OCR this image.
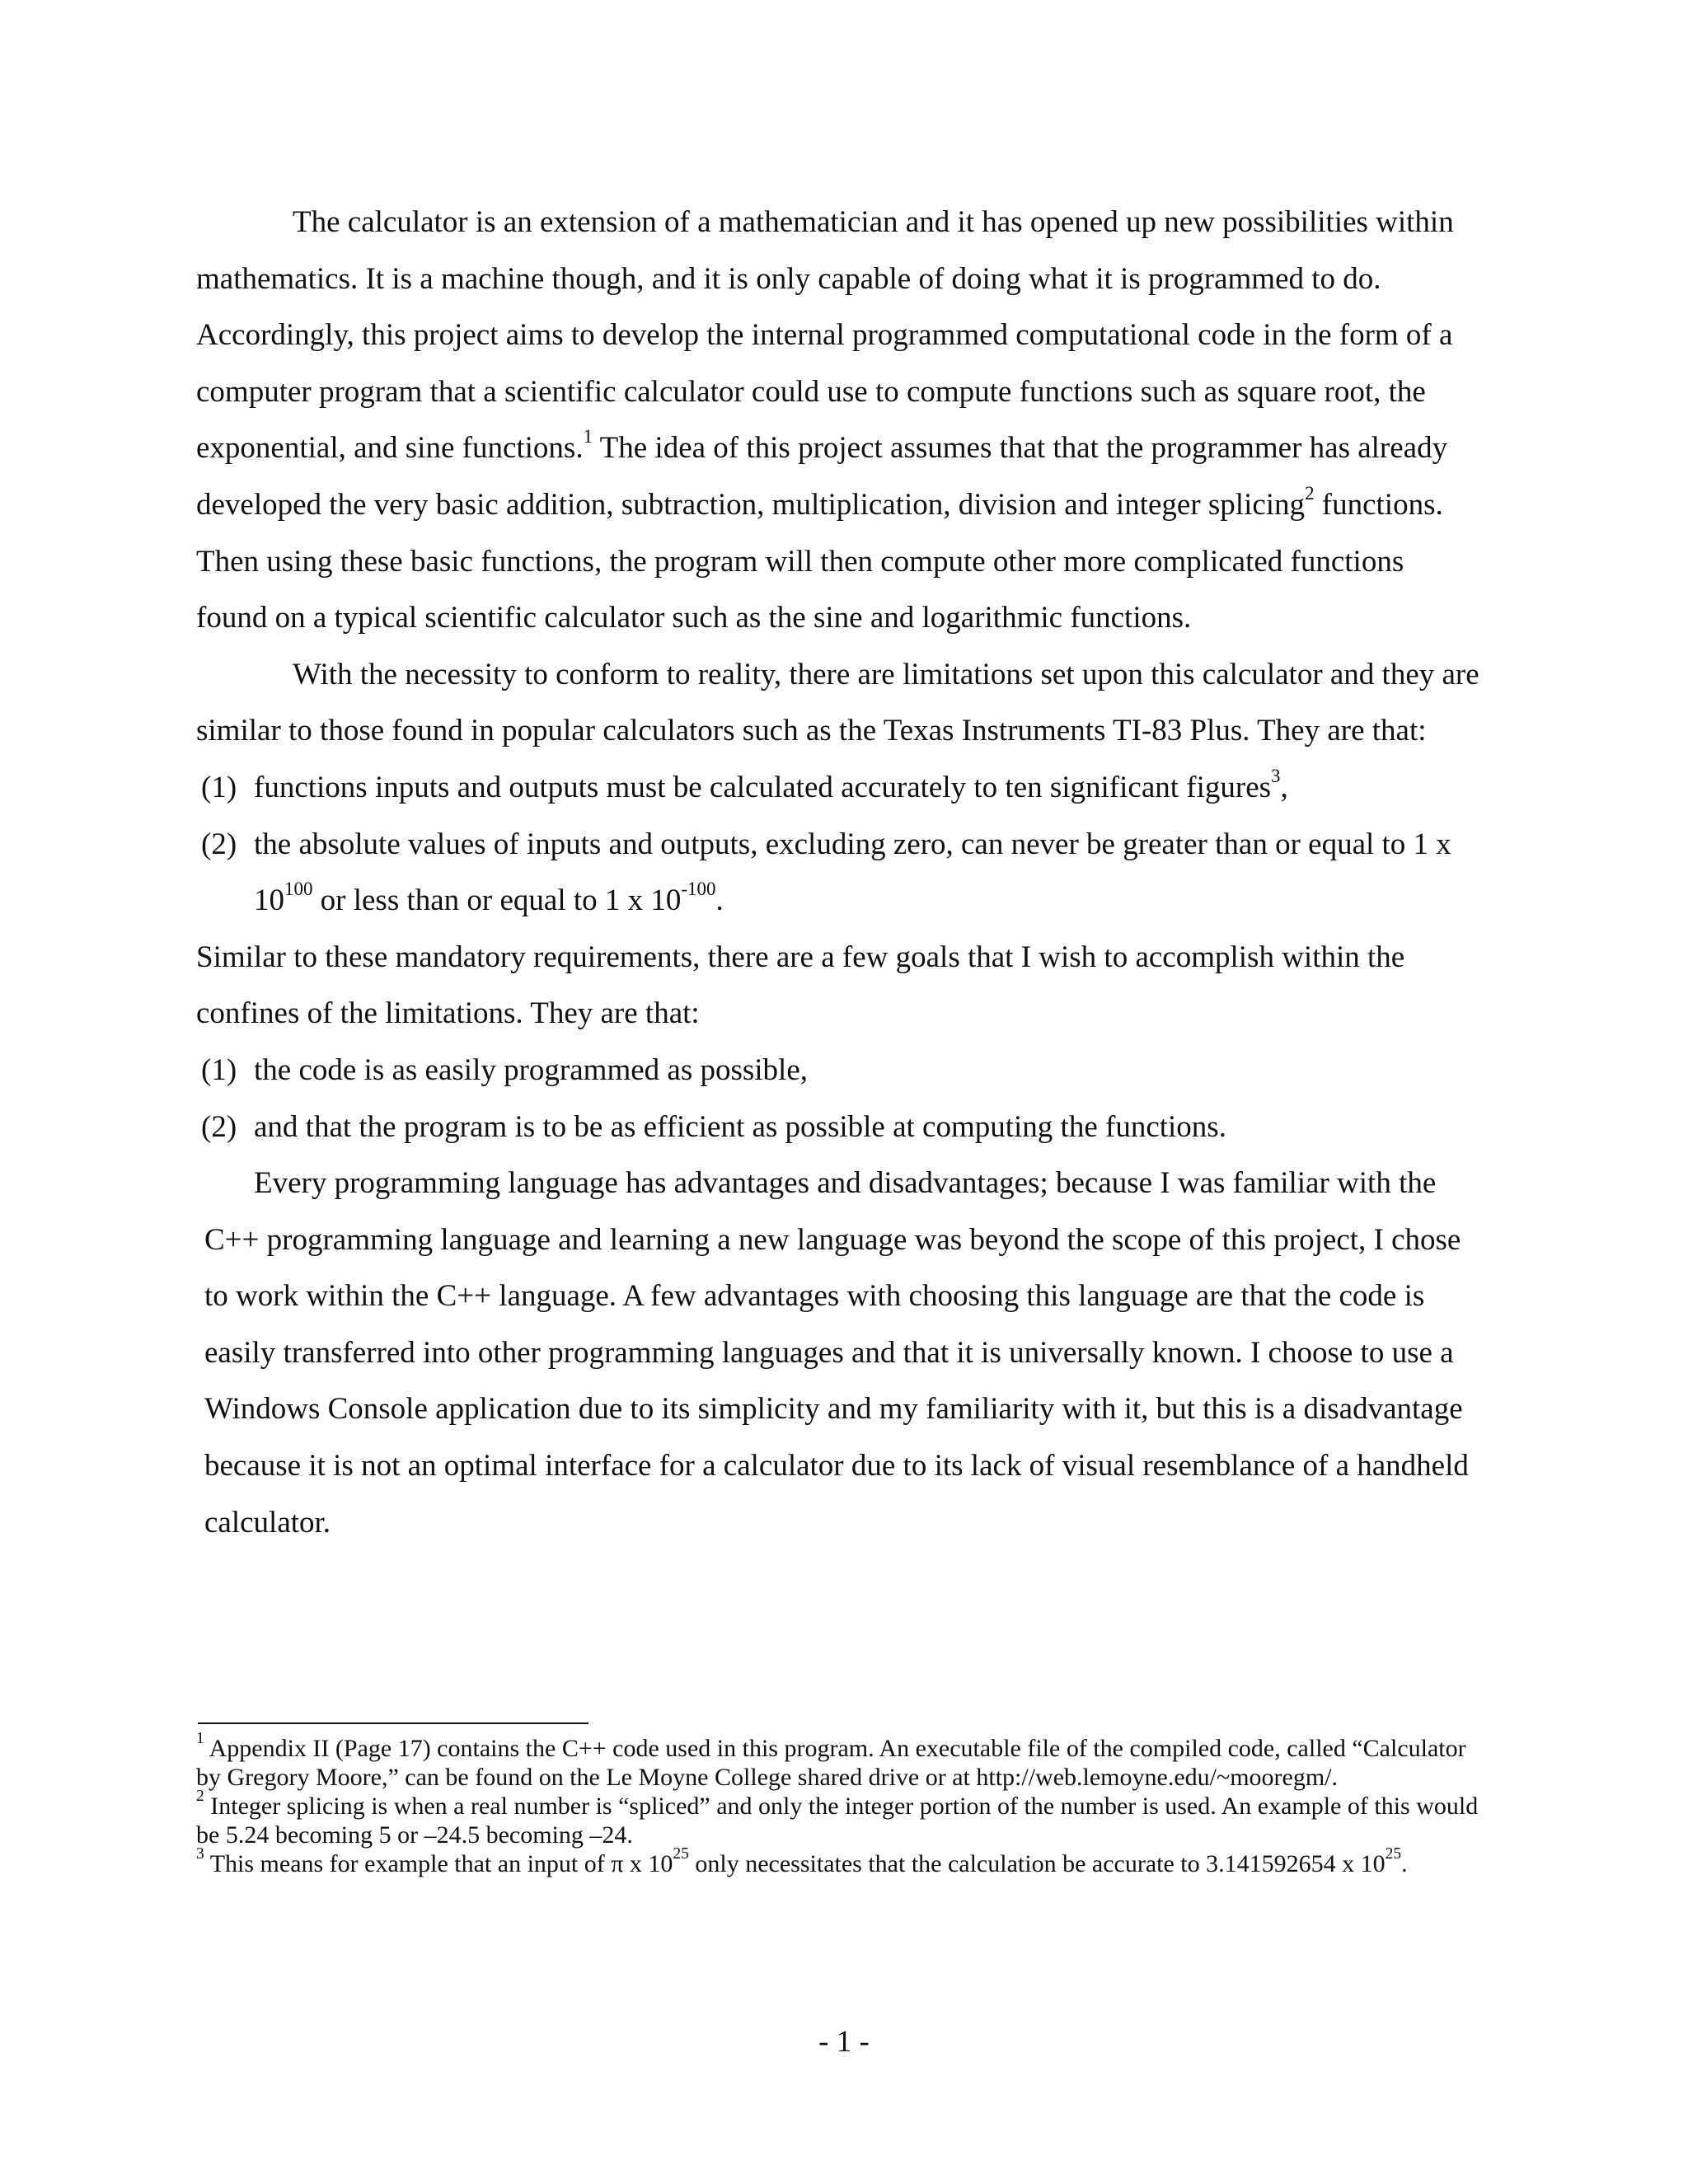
The calculator is an extension of a mathematician and it has opened up new possibilities within mathematics. It is a machine though, and it is only capable of doing what it is programmed to do. Accordingly, this project aims to develop the internal programmed computational code in the form of a computer program that a scientific calculator could use to compute functions such as square root, the exponential, and sine functions.$^1$ The idea of this project assumes that that the programmer has already developed the very basic addition, subtraction, multiplication, division and integer splicing$^2$ functions. Then using these basic functions, the program will then compute other more complicated functions found on a typical scientific calculator such as the sine and logarithmic functions.

With the necessity to conform to reality, there are limitations set upon this calculator and they are similar to those found in popular calculators such as the Texas Instruments TI-83 Plus. They are that:

(1) functions inputs and outputs must be calculated accurately to ten significant figures$^3$,

(2) the absolute values of inputs and outputs, excluding zero, can never be greater than or equal to 1 x $10^{100}$ or less than or equal to 1 x $10^{-100}$.

Similar to these mandatory requirements, there are a few goals that I wish to accomplish within the confines of the limitations. They are that:

(1) the code is as easily programmed as possible,

(2) and that the program is to be as efficient as possible at computing the functions.

Every programming language has advantages and disadvantages; because I was familiar with the C++ programming language and learning a new language was beyond the scope of this project, I chose to work within the C++ language. A few advantages with choosing this language are that the code is easily transferred into other programming languages and that it is universally known. I choose to use a Windows Console application due to its simplicity and my familiarity with it, but this is a disadvantage because it is not an optimal interface for a calculator due to its lack of visual resemblance of a handheld calculator.

$^1$ Appendix II (Page 17) contains the C++ code used in this program. An executable file of the compiled code, called “Calculator by Gregory Moore,” can be found on the Le Moyne College shared drive or at http://web.lemoyne.edu/~mooregm/.

$^2$ Integer splicing is when a real number is “spliced” and only the integer portion of the number is used. An example of this would be 5.24 becoming 5 or –24.5 becoming –24.

$^3$ This means for example that an input of π x $10^{25}$ only necessitates that the calculation be accurate to 3.141592654 x $10^{25}$.

- 1 -
